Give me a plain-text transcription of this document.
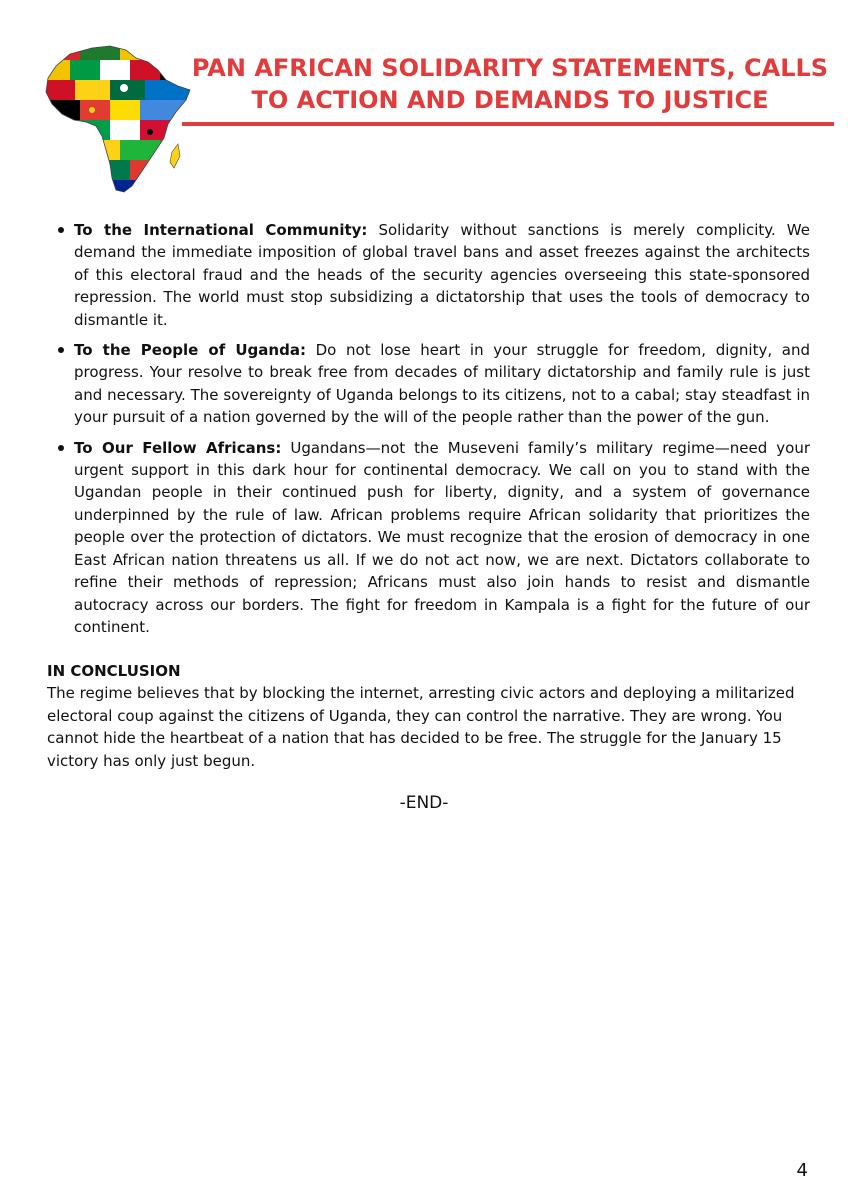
PAN AFRICAN SOLIDARITY STATEMENTS, CALLS
TO ACTION AND DEMANDS TO JUSTICE
To the International Community: Solidarity without sanctions is merely complicity. We demand the immediate imposition of global travel bans and asset freezes against the architects of this electoral fraud and the heads of the security agencies overseeing this state-sponsored repression. The world must stop subsidizing a dictatorship that uses the tools of democracy to dismantle it.
To the People of Uganda: Do not lose heart in your struggle for freedom, dignity, and progress. Your resolve to break free from decades of military dictatorship and family rule is just and necessary. The sovereignty of Uganda belongs to its citizens, not to a cabal; stay steadfast in your pursuit of a nation governed by the will of the people rather than the power of the gun.
To Our Fellow Africans: Ugandans—not the Museveni family’s military regime—need your urgent support in this dark hour for continental democracy. We call on you to stand with the Ugandan people in their continued push for liberty, dignity, and a system of governance underpinned by the rule of law. African problems require African solidarity that prioritizes the people over the protection of dictators. We must recognize that the erosion of democracy in one East African nation threatens us all. If we do not act now, we are next. Dictators collaborate to refine their methods of repression; Africans must also join hands to resist and dismantle autocracy across our borders. The fight for freedom in Kampala is a fight for the future of our continent.
IN CONCLUSION

The regime believes that by blocking the internet, arresting civic actors and deploying a militarized electoral coup against the citizens of Uganda, they can control the narrative. They are wrong. You cannot hide the heartbeat of a nation that has decided to be free. The struggle for the January 15 victory has only just begun.

-END-
4
